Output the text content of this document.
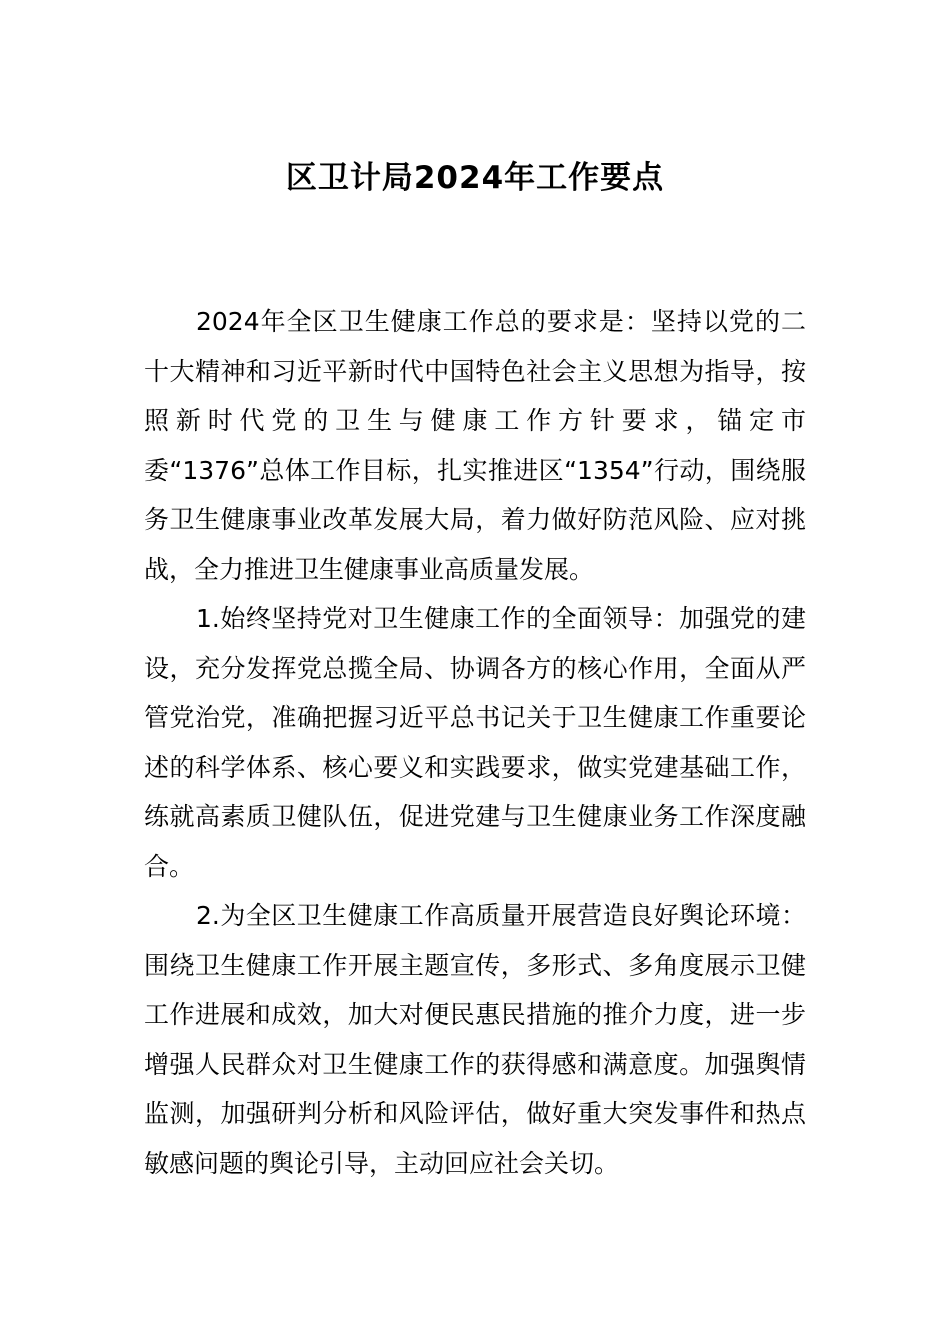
区卫计局2024年工作要点

2024年全区卫生健康工作总的要求是：坚持以党的二十大精神和习近平新时代中国特色社会主义思想为指导，按照新时代党的卫生与健康工作方针要求，锚定市委“1376”总体工作目标，扎实推进区“1354”行动，围绕服务卫生健康事业改革发展大局，着力做好防范风险、应对挑战，全力推进卫生健康事业高质量发展。

1.始终坚持党对卫生健康工作的全面领导：加强党的建设，充分发挥党总揽全局、协调各方的核心作用，全面从严管党治党，准确把握习近平总书记关于卫生健康工作重要论述的科学体系、核心要义和实践要求，做实党建基础工作，练就高素质卫健队伍，促进党建与卫生健康业务工作深度融合。

2.为全区卫生健康工作高质量开展营造良好舆论环境：围绕卫生健康工作开展主题宣传，多形式、多角度展示卫健工作进展和成效，加大对便民惠民措施的推介力度，进一步增强人民群众对卫生健康工作的获得感和满意度。加强舆情监测，加强研判分析和风险评估，做好重大突发事件和热点敏感问题的舆论引导，主动回应社会关切。
